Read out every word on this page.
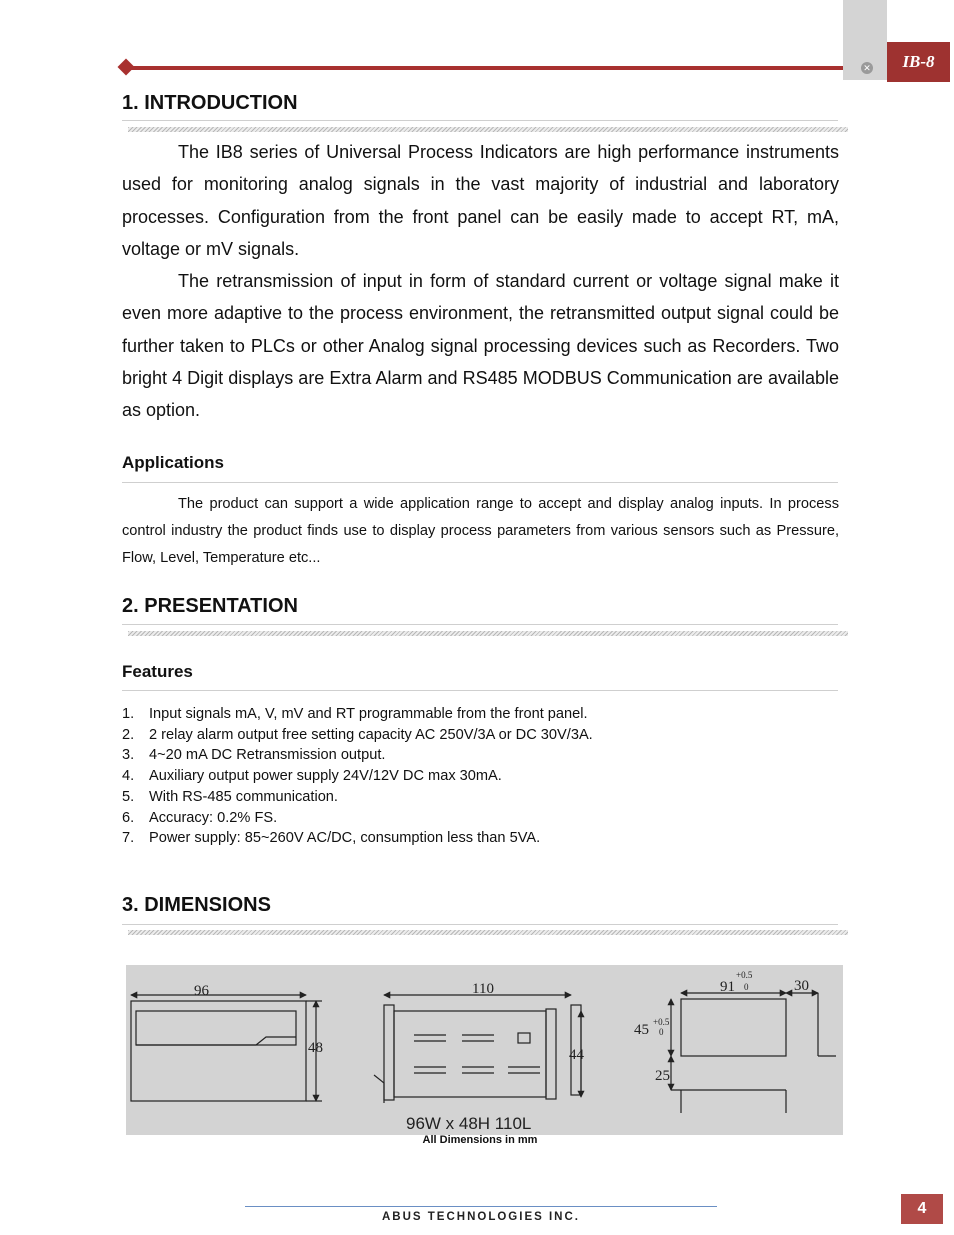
✕ IB-8
1. INTRODUCTION

The IB8 series of Universal Process Indicators are high performance instruments used for monitoring analog signals in the vast majority of industrial and laboratory processes. Configuration from the front panel can be easily made to accept RT, mA, voltage or mV signals.

The retransmission of input in form of standard current or voltage signal make it even more adaptive to the process environment, the retransmitted output signal could be further taken to PLCs or other Analog signal processing devices such as Recorders. Two bright 4 Digit displays are Extra Alarm and RS485 MODBUS Communication are available as option.

Applications

The product can support a wide application range to accept and display analog inputs. In process control industry the product finds use to display process parameters from various sensors such as Pressure, Flow, Level, Temperature etc...

2. PRESENTATION
Features
1.	Input signals mA, V, mV and RT programmable from the front panel.
2.	2 relay alarm output free setting capacity AC 250V/3A or DC 30V/3A.
3.	4~20 mA DC Retransmission output.
4.	Auxiliary output power supply 24V/12V DC max 30mA.
5.	With RS-485 communication.
6.	Accuracy: 0.2% FS.
7.	Power supply: 85~260V AC/DC, consumption less than 5VA.
3. DIMENSIONS
96
48
110
44
91
45
30
25
+0.5
0
+0.5
0
96W x 48H 110L
All Dimensions in mm
ABUS TECHNOLOGIES INC.	4
